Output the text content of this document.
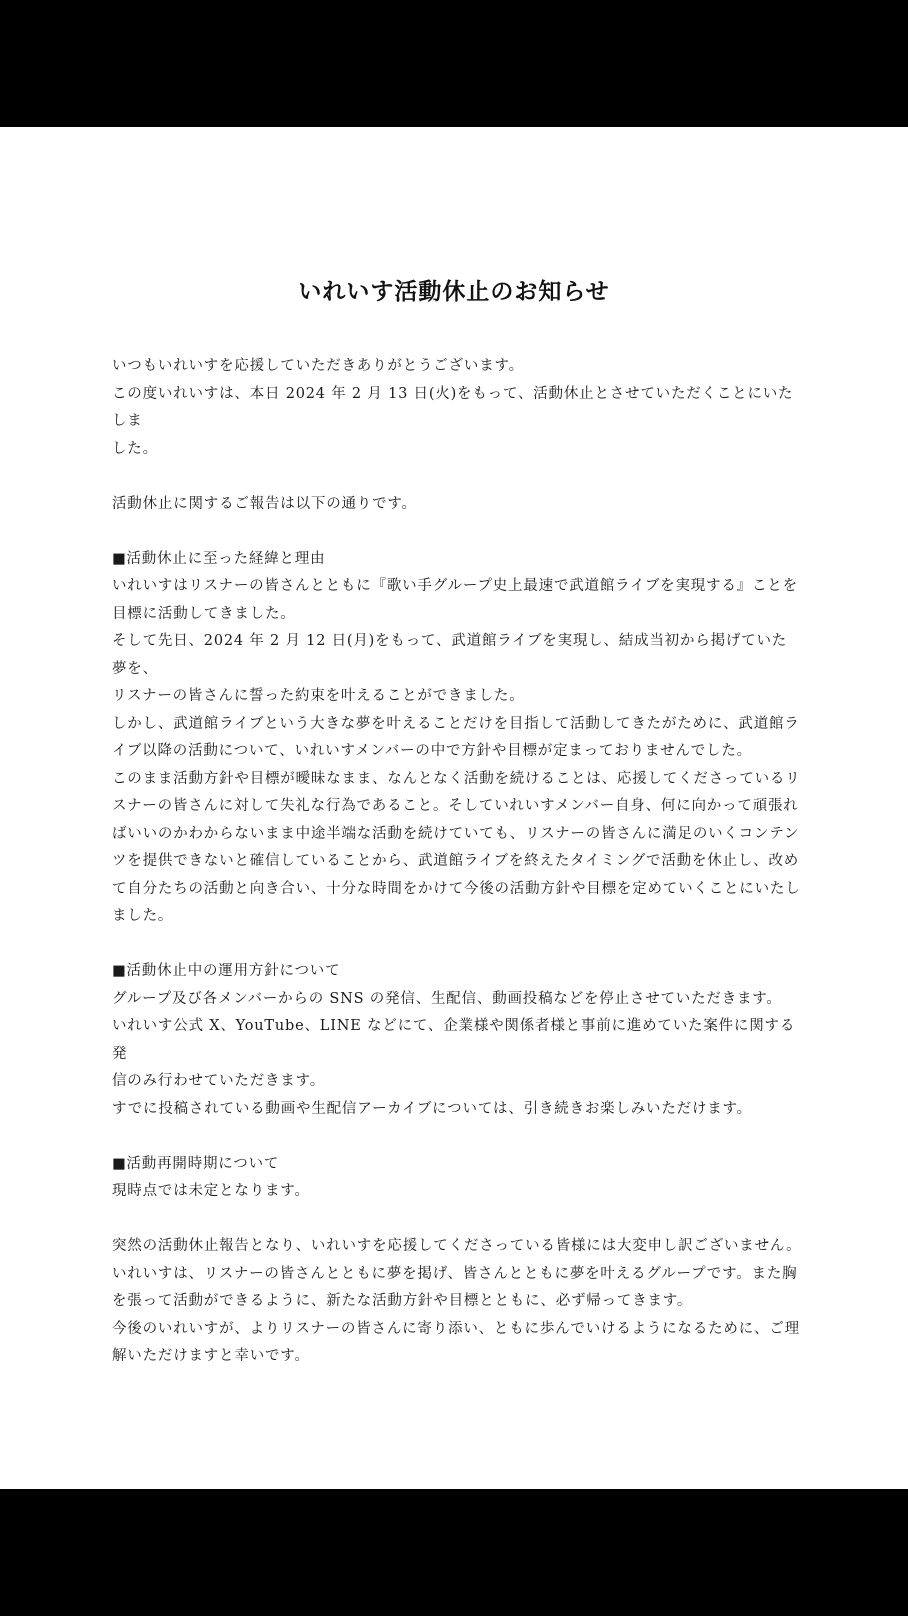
いれいす活動休止のお知らせ

いつもいれいすを応援していただきありがとうございます。

この度いれいすは、本日 2024 年 2 月 13 日(火)をもって、活動休止とさせていただくことにいたしま

した。

活動休止に関するご報告は以下の通りです。

■活動休止に至った経緯と理由

いれいすはリスナーの皆さんとともに『歌い手グループ史上最速で武道館ライブを実現する』ことを

目標に活動してきました。

そして先日、2024 年 2 月 12 日(月)をもって、武道館ライブを実現し、結成当初から掲げていた夢を、

リスナーの皆さんに誓った約束を叶えることができました。

しかし、武道館ライブという大きな夢を叶えることだけを目指して活動してきたがために、武道館ラ

イブ以降の活動について、いれいすメンバーの中で方針や目標が定まっておりませんでした。

このまま活動方針や目標が曖昧なまま、なんとなく活動を続けることは、応援してくださっているリ

スナーの皆さんに対して失礼な行為であること。そしていれいすメンバー自身、何に向かって頑張れ

ばいいのかわからないまま中途半端な活動を続けていても、リスナーの皆さんに満足のいくコンテン

ツを提供できないと確信していることから、武道館ライブを終えたタイミングで活動を休止し、改め

て自分たちの活動と向き合い、十分な時間をかけて今後の活動方針や目標を定めていくことにいたし

ました。

■活動休止中の運用方針について

グループ及び各メンバーからの SNS の発信、生配信、動画投稿などを停止させていただきます。

いれいす公式 X、YouTube、LINE などにて、企業様や関係者様と事前に進めていた案件に関する発

信のみ行わせていただきます。

すでに投稿されている動画や生配信アーカイブについては、引き続きお楽しみいただけます。

■活動再開時期について

現時点では未定となります。

突然の活動休止報告となり、いれいすを応援してくださっている皆様には大変申し訳ございません。

いれいすは、リスナーの皆さんとともに夢を掲げ、皆さんとともに夢を叶えるグループです。また胸

を張って活動ができるように、新たな活動方針や目標とともに、必ず帰ってきます。

今後のいれいすが、よりリスナーの皆さんに寄り添い、ともに歩んでいけるようになるために、ご理

解いただけますと幸いです。
